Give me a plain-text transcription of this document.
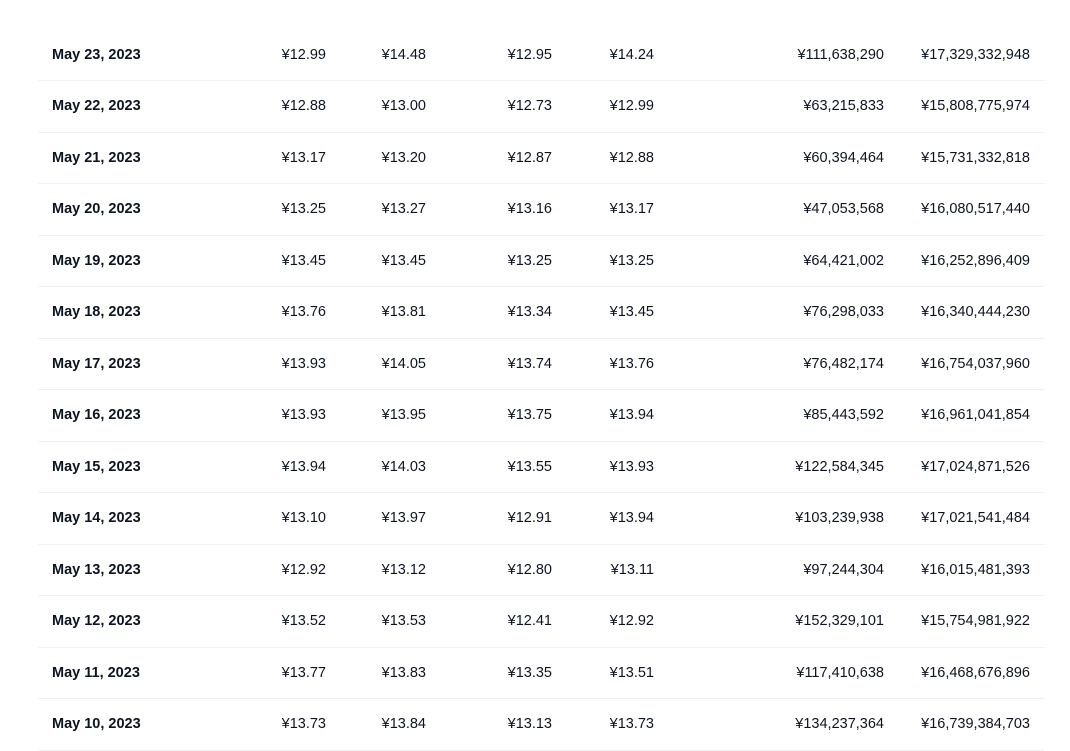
May 23, 2023	¥12.99	¥14.48	¥12.95	¥14.24	¥111,638,290	¥17,329,332,948
May 22, 2023	¥12.88	¥13.00	¥12.73	¥12.99	¥63,215,833	¥15,808,775,974
May 21, 2023	¥13.17	¥13.20	¥12.87	¥12.88	¥60,394,464	¥15,731,332,818
May 20, 2023	¥13.25	¥13.27	¥13.16	¥13.17	¥47,053,568	¥16,080,517,440
May 19, 2023	¥13.45	¥13.45	¥13.25	¥13.25	¥64,421,002	¥16,252,896,409
May 18, 2023	¥13.76	¥13.81	¥13.34	¥13.45	¥76,298,033	¥16,340,444,230
May 17, 2023	¥13.93	¥14.05	¥13.74	¥13.76	¥76,482,174	¥16,754,037,960
May 16, 2023	¥13.93	¥13.95	¥13.75	¥13.94	¥85,443,592	¥16,961,041,854
May 15, 2023	¥13.94	¥14.03	¥13.55	¥13.93	¥122,584,345	¥17,024,871,526
May 14, 2023	¥13.10	¥13.97	¥12.91	¥13.94	¥103,239,938	¥17,021,541,484
May 13, 2023	¥12.92	¥13.12	¥12.80	¥13.11	¥97,244,304	¥16,015,481,393
May 12, 2023	¥13.52	¥13.53	¥12.41	¥12.92	¥152,329,101	¥15,754,981,922
May 11, 2023	¥13.77	¥13.83	¥13.35	¥13.51	¥117,410,638	¥16,468,676,896
May 10, 2023	¥13.73	¥13.84	¥13.13	¥13.73	¥134,237,364	¥16,739,384,703
